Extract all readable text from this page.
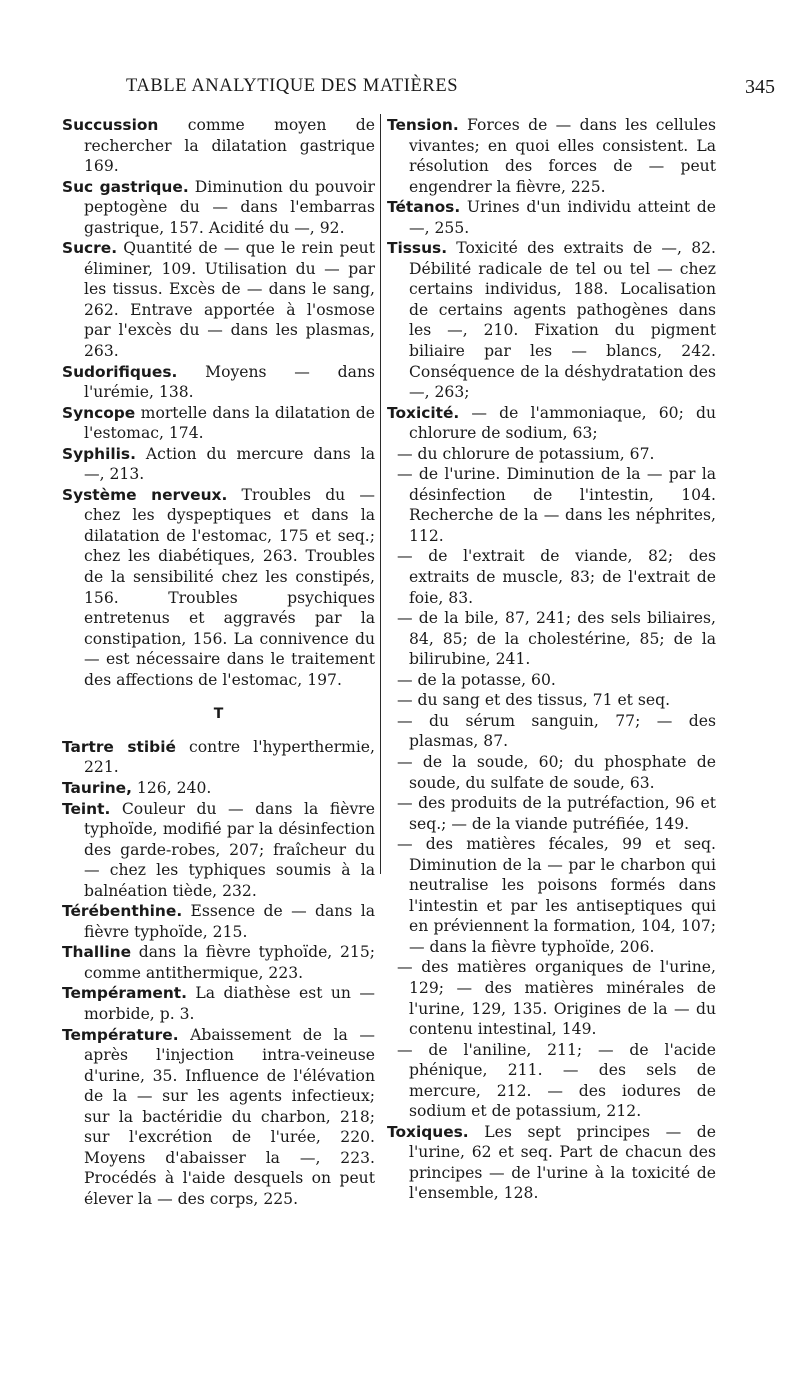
TABLE ANALYTIQUE DES MATIÈRES	345

Succussion comme moyen de rechercher la dilatation gastrique 169.

Suc gastrique. Diminution du pouvoir peptogène du — dans l'embarras gastrique, 157. Acidité du —, 92.

Sucre. Quantité de — que le rein peut éliminer, 109. Utilisation du — par les tissus. Excès de — dans le sang, 262. Entrave apportée à l'osmose par l'excès du — dans les plasmas, 263.

Sudorifiques. Moyens — dans l'urémie, 138.

Syncope mortelle dans la dilatation de l'estomac, 174.

Syphilis. Action du mercure dans la —, 213.

Système nerveux. Troubles du — chez les dyspeptiques et dans la dilatation de l'estomac, 175 et seq.; chez les diabétiques, 263. Troubles de la sensibilité chez les constipés, 156. Troubles psychiques entretenus et aggravés par la constipation, 156. La connivence du — est nécessaire dans le traitement des affections de l'estomac, 197.

T

Tartre stibié contre l'hyperthermie, 221.

Taurine, 126, 240.

Teint. Couleur du — dans la fièvre typhoïde, modifié par la désinfection des garde-robes, 207; fraîcheur du — chez les typhiques soumis à la balnéation tiède, 232.

Térébenthine. Essence de — dans la fièvre typhoïde, 215.

Thalline dans la fièvre typhoïde, 215; comme antithermique, 223.

Tempérament. La diathèse est un — morbide, p. 3.

Température. Abaissement de la — après l'injection intra-veineuse d'urine, 35. Influence de l'élévation de la — sur les agents infectieux; sur la bactéridie du charbon, 218; sur l'excrétion de l'urée, 220. Moyens d'abaisser la —, 223. Procédés à l'aide desquels on peut élever la — des corps, 225.

Tension. Forces de — dans les cellules vivantes; en quoi elles consistent. La résolution des forces de — peut engendrer la fièvre, 225.

Tétanos. Urines d'un individu atteint de —, 255.

Tissus. Toxicité des extraits de —, 82. Débilité radicale de tel ou tel — chez certains individus, 188. Localisation de certains agents pathogènes dans les —, 210. Fixation du pigment biliaire par les — blancs, 242. Conséquence de la déshydratation des —, 263;

Toxicité. — de l'ammoniaque, 60; du chlorure de sodium, 63;

— du chlorure de potassium, 67.

— de l'urine. Diminution de la — par la désinfection de l'intestin, 104. Recherche de la — dans les néphrites, 112.

— de l'extrait de viande, 82; des extraits de muscle, 83; de l'extrait de foie, 83.

— de la bile, 87, 241; des sels biliaires, 84, 85; de la cholestérine, 85; de la bilirubine, 241.

— de la potasse, 60.

— du sang et des tissus, 71 et seq.

— du sérum sanguin, 77; — des plasmas, 87.

— de la soude, 60; du phosphate de soude, du sulfate de soude, 63.

— des produits de la putréfaction, 96 et seq.; — de la viande putréfiée, 149.

— des matières fécales, 99 et seq. Diminution de la — par le charbon qui neutralise les poisons formés dans l'intestin et par les antiseptiques qui en préviennent la formation, 104, 107; — dans la fièvre typhoïde, 206.

— des matières organiques de l'urine, 129; — des matières minérales de l'urine, 129, 135. Origines de la — du contenu intestinal, 149.

— de l'aniline, 211; — de l'acide phénique, 211. — des sels de mercure, 212. — des iodures de sodium et de potassium, 212.

Toxiques. Les sept principes — de l'urine, 62 et seq. Part de chacun des principes — de l'urine à la toxicité de l'ensemble, 128.
